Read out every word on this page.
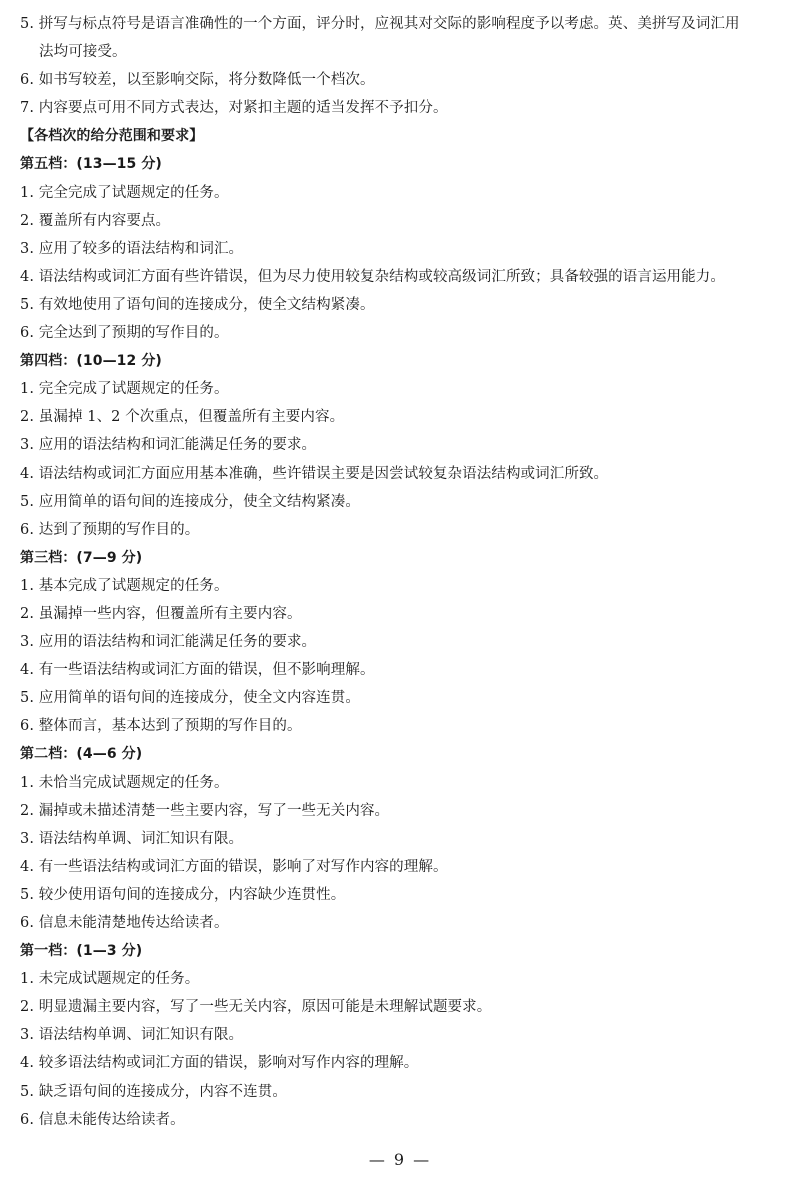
5. 拼写与标点符号是语言准确性的一个方面，评分时，应视其对交际的影响程度予以考虑。英、美拼写及词汇用
法均可接受。
6. 如书写较差，以至影响交际，将分数降低一个档次。
7. 内容要点可用不同方式表达，对紧扣主题的适当发挥不予扣分。
【各档次的给分范围和要求】
第五档：(13—15 分)
1. 完全完成了试题规定的任务。
2. 覆盖所有内容要点。
3. 应用了较多的语法结构和词汇。
4. 语法结构或词汇方面有些许错误，但为尽力使用较复杂结构或较高级词汇所致；具备较强的语言运用能力。
5. 有效地使用了语句间的连接成分，使全文结构紧凑。
6. 完全达到了预期的写作目的。
第四档：(10—12 分)
1. 完全完成了试题规定的任务。
2. 虽漏掉 1、2 个次重点，但覆盖所有主要内容。
3. 应用的语法结构和词汇能满足任务的要求。
4. 语法结构或词汇方面应用基本准确，些许错误主要是因尝试较复杂语法结构或词汇所致。
5. 应用简单的语句间的连接成分，使全文结构紧凑。
6. 达到了预期的写作目的。
第三档：(7—9 分)
1. 基本完成了试题规定的任务。
2. 虽漏掉一些内容，但覆盖所有主要内容。
3. 应用的语法结构和词汇能满足任务的要求。
4. 有一些语法结构或词汇方面的错误，但不影响理解。
5. 应用简单的语句间的连接成分，使全文内容连贯。
6. 整体而言，基本达到了预期的写作目的。
第二档：(4—6 分)
1. 未恰当完成试题规定的任务。
2. 漏掉或未描述清楚一些主要内容，写了一些无关内容。
3. 语法结构单调、词汇知识有限。
4. 有一些语法结构或词汇方面的错误，影响了对写作内容的理解。
5. 较少使用语句间的连接成分，内容缺少连贯性。
6. 信息未能清楚地传达给读者。
第一档：(1—3 分)
1. 未完成试题规定的任务。
2. 明显遗漏主要内容，写了一些无关内容，原因可能是未理解试题要求。
3. 语法结构单调、词汇知识有限。
4. 较多语法结构或词汇方面的错误，影响对写作内容的理解。
5. 缺乏语句间的连接成分，内容不连贯。
6. 信息未能传达给读者。
— 9 —
